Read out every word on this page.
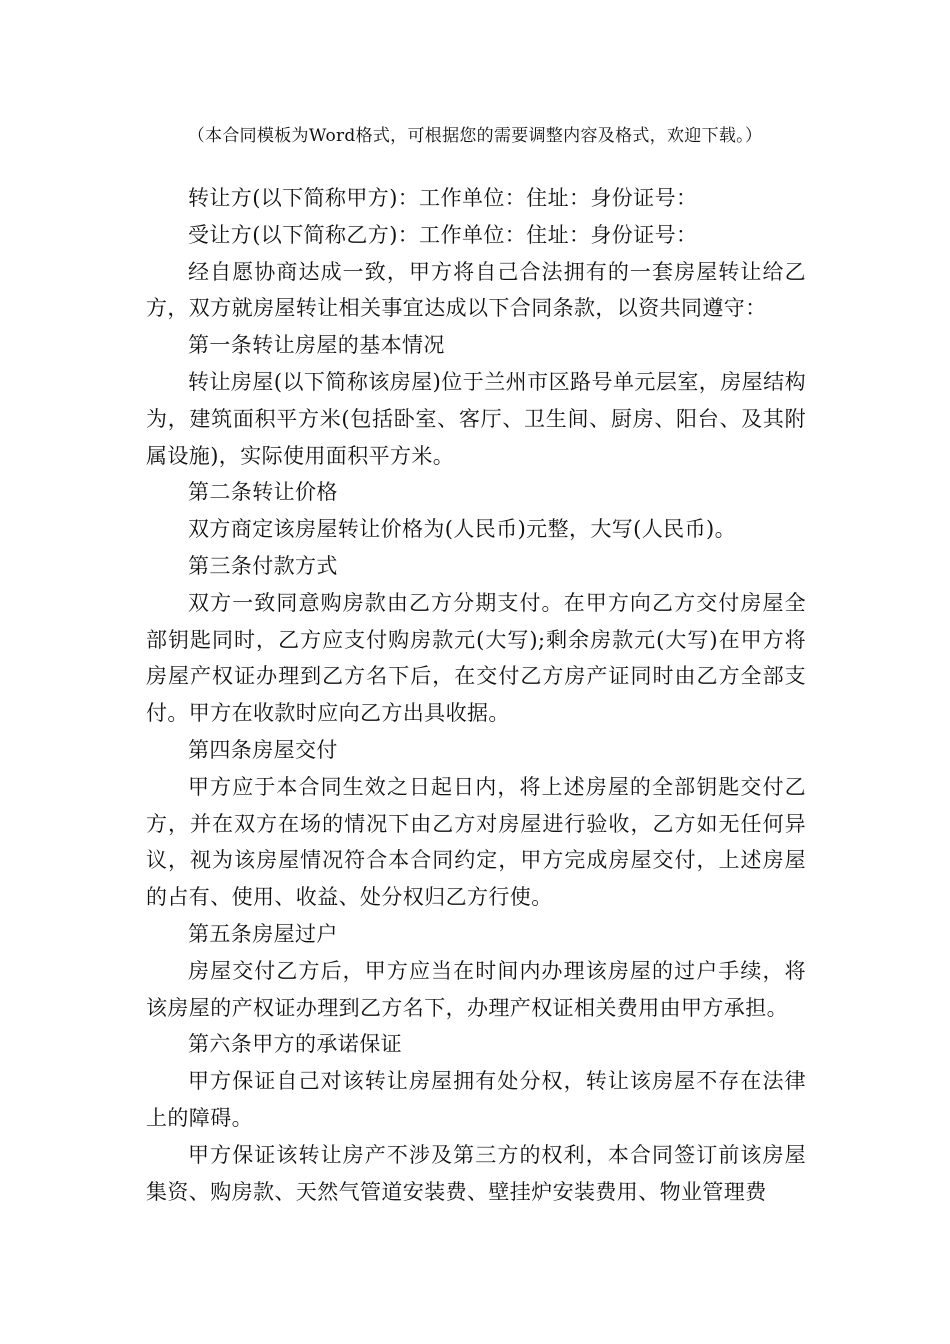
（本合同模板为Word格式，可根据您的需要调整内容及格式，欢迎下载。）

转让方(以下简称甲方)：工作单位：住址：身份证号：

受让方(以下简称乙方)：工作单位：住址：身份证号：

经自愿协商达成一致，甲方将自己合法拥有的一套房屋转让给乙方，双方就房屋转让相关事宜达成以下合同条款，以资共同遵守：

第一条转让房屋的基本情况

转让房屋(以下简称该房屋)位于兰州市区路号单元层室，房屋结构为，建筑面积平方米(包括卧室、客厅、卫生间、厨房、阳台、及其附属设施)，实际使用面积平方米。

第二条转让价格

双方商定该房屋转让价格为(人民币)元整，大写(人民币)。

第三条付款方式

双方一致同意购房款由乙方分期支付。在甲方向乙方交付房屋全部钥匙同时，乙方应支付购房款元(大写);剩余房款元(大写)在甲方将房屋产权证办理到乙方名下后，在交付乙方房产证同时由乙方全部支付。甲方在收款时应向乙方出具收据。

第四条房屋交付

甲方应于本合同生效之日起日内，将上述房屋的全部钥匙交付乙方，并在双方在场的情况下由乙方对房屋进行验收，乙方如无任何异议，视为该房屋情况符合本合同约定，甲方完成房屋交付，上述房屋的占有、使用、收益、处分权归乙方行使。

第五条房屋过户

房屋交付乙方后，甲方应当在时间内办理该房屋的过户手续，将该房屋的产权证办理到乙方名下，办理产权证相关费用由甲方承担。

第六条甲方的承诺保证

甲方保证自己对该转让房屋拥有处分权，转让该房屋不存在法律上的障碍。

甲方保证该转让房产不涉及第三方的权利，本合同签订前该房屋集资、购房款、天然气管道安装费、壁挂炉安装费用、物业管理费
